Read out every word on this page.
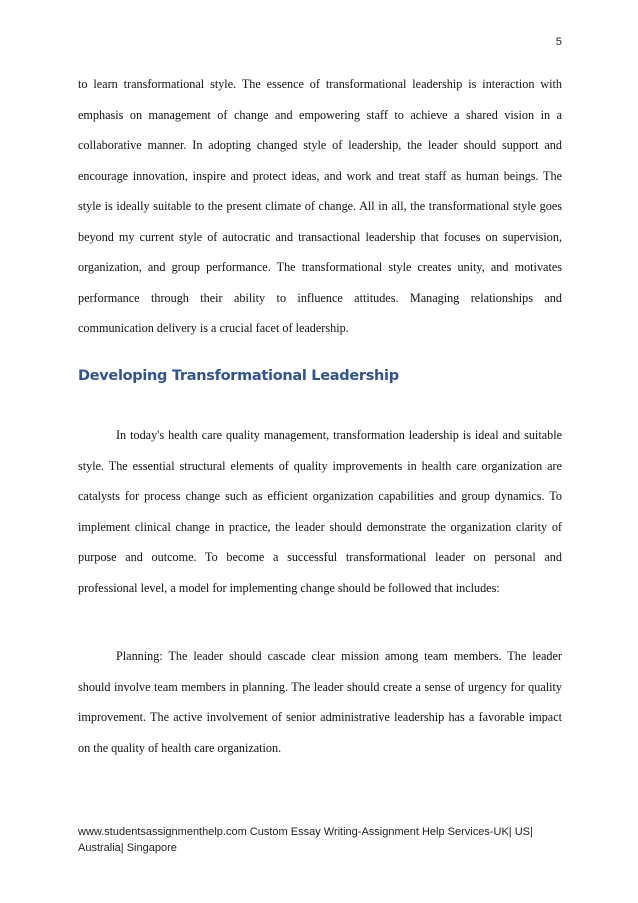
5

to learn transformational style. The essence of transformational leadership is interaction with emphasis on management of change and empowering staff to achieve a shared vision in a collaborative manner. In adopting changed style of leadership, the leader should support and encourage innovation, inspire and protect ideas, and work and treat staff as human beings. The style is ideally suitable to the present climate of change. All in all, the transformational style goes beyond my current style of autocratic and transactional leadership that focuses on supervision, organization, and group performance. The transformational style creates unity, and motivates performance through their ability to influence attitudes. Managing relationships and communication delivery is a crucial facet of leadership.

Developing Transformational Leadership

In today's health care quality management, transformation leadership is ideal and suitable style. The essential structural elements of quality improvements in health care organization are catalysts for process change such as efficient organization capabilities and group dynamics. To implement clinical change in practice, the leader should demonstrate the organization clarity of purpose and outcome. To become a successful transformational leader on personal and professional level, a model for implementing change should be followed that includes:

Planning: The leader should cascade clear mission among team members. The leader should involve team members in planning. The leader should create a sense of urgency for quality improvement. The active involvement of senior administrative leadership has a favorable impact on the quality of health care organization.

www.studentsassignmenthelp.com Custom Essay Writing-Assignment Help Services-UK| US| Australia| Singapore
